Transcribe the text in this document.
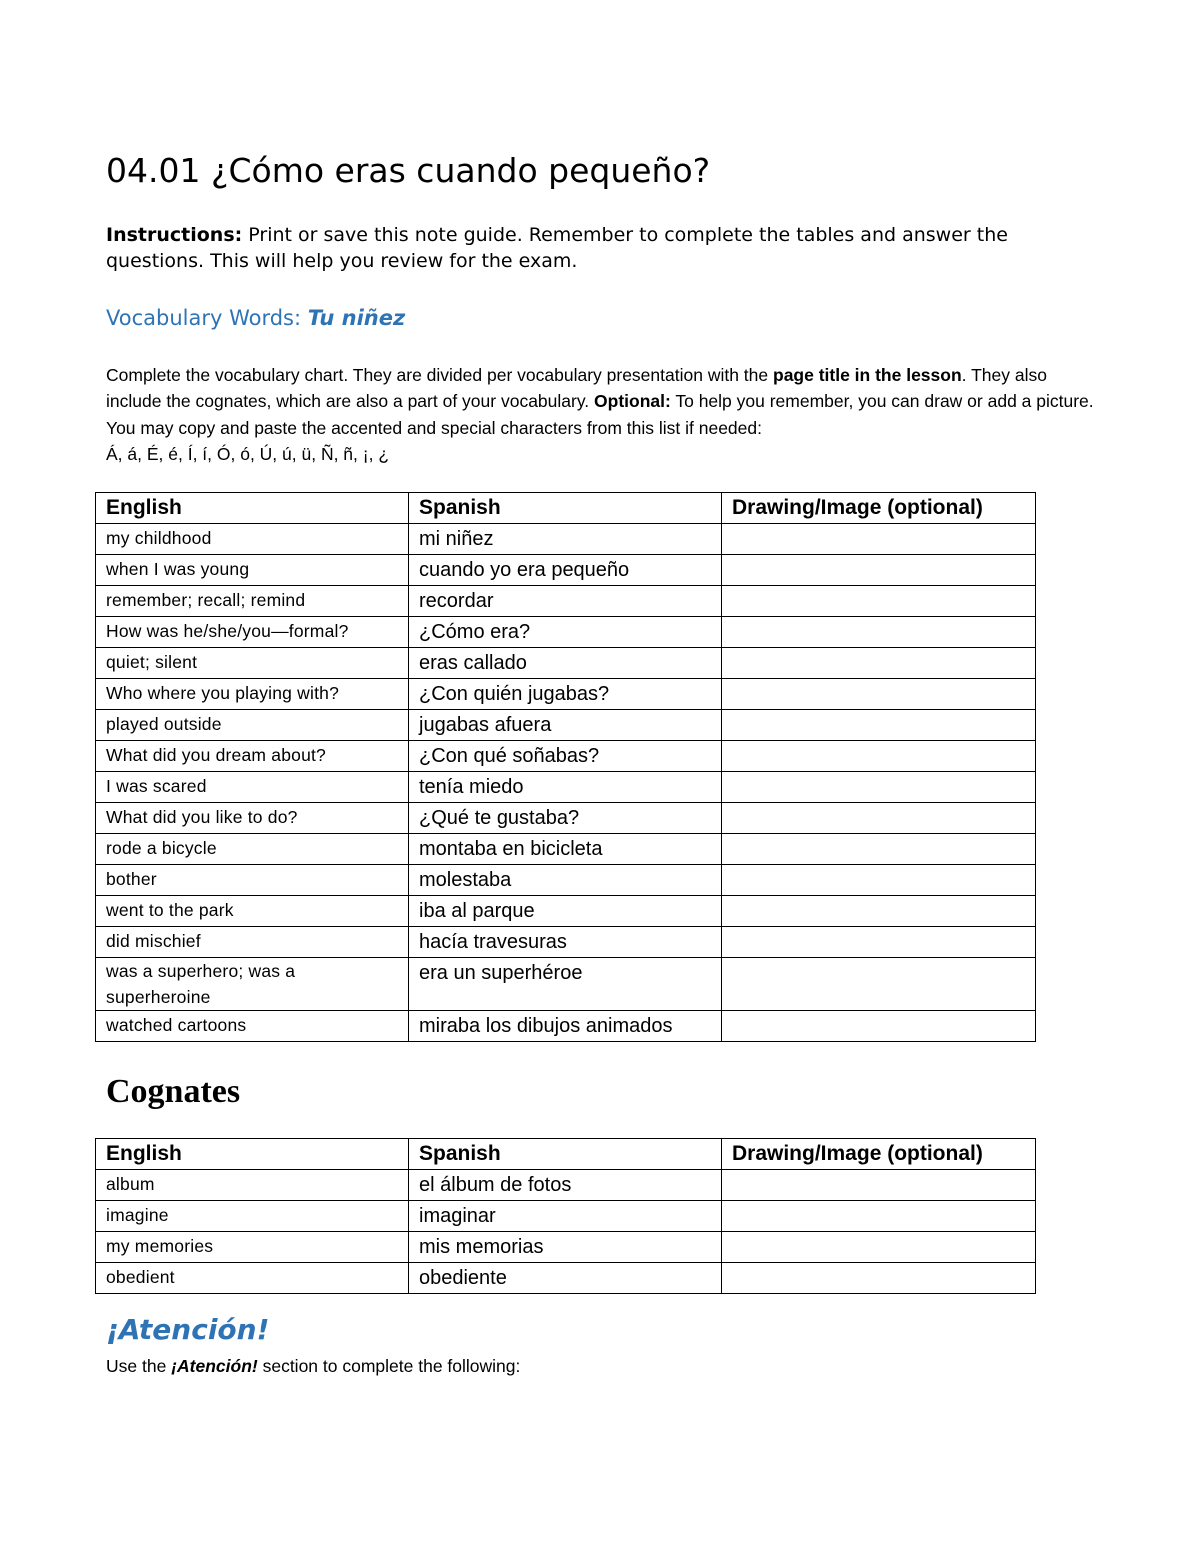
04.01 ¿Cómo eras cuando pequeño?

Instructions: Print or save this note guide. Remember to complete the tables and answer the questions. This will help you review for the exam.

Vocabulary Words: Tu niñez

Complete the vocabulary chart. They are divided per vocabulary presentation with the page title in the lesson. They also include the cognates, which are also a part of your vocabulary. Optional: To help you remember, you can draw or add a picture. You may copy and paste the accented and special characters from this list if needed:
Á, á, É, é, Í, í, Ó, ó, Ú, ú, ü, Ñ, ñ, ¡, ¿

English	Spanish	Drawing/Image (optional)
my childhood	mi niñez	
when I was young	cuando yo era pequeño	
remember; recall; remind	recordar	
How was he/she/you—formal?	¿Cómo era?	
quiet; silent	eras callado	
Who where you playing with?	¿Con quién jugabas?	
played outside	jugabas afuera	
What did you dream about?	¿Con qué soñabas?	
I was scared	tenía miedo	
What did you like to do?	¿Qué te gustaba?	
rode a bicycle	montaba en bicicleta	
bother	molestaba	
went to the park	iba al parque	
did mischief	hacía travesuras	
was a superhero; was a superheroine	era un superhéroe	
watched cartoons	miraba los dibujos animados	
Cognates
English	Spanish	Drawing/Image (optional)
album	el álbum de fotos	
imagine	imaginar	
my memories	mis memorias	
obedient	obediente	
¡Atención!

Use the ¡Atención! section to complete the following:
